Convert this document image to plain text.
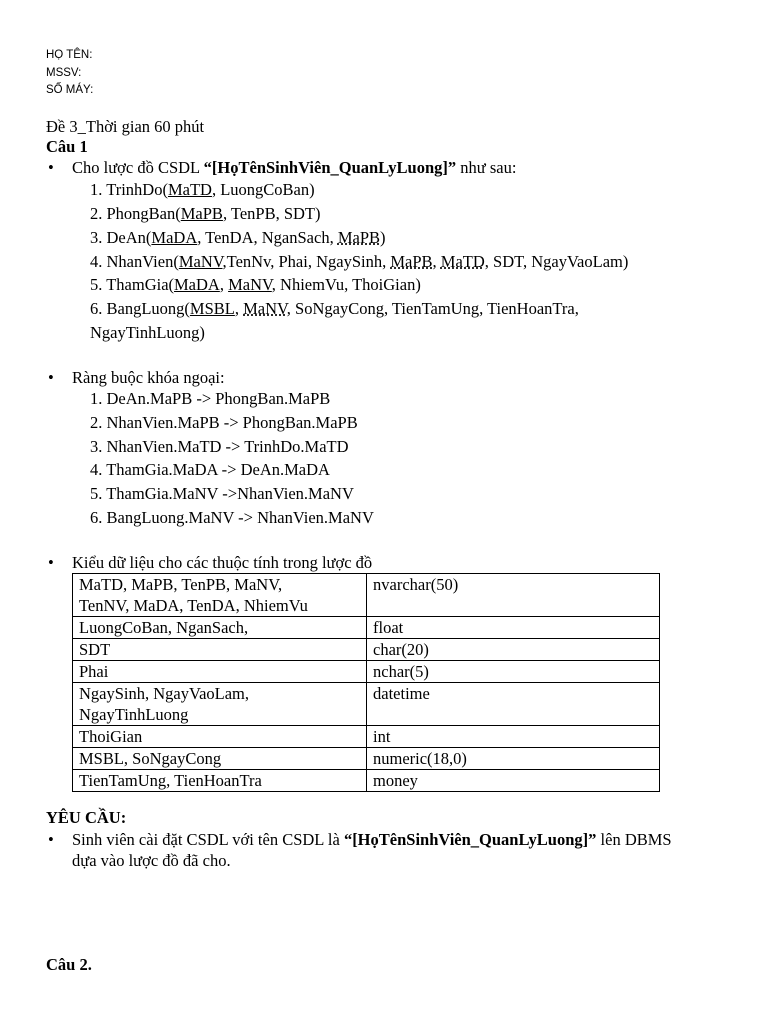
HỌ TÊN:
MSSV:
SỐ MÁY:
Đề 3_Thời gian 60 phút
Câu 1
•	Cho lược đồ CSDL “[HọTênSinhViên_QuanLyLuong]” như sau:
1. TrinhDo(MaTD, LuongCoBan)
2. PhongBan(MaPB, TenPB, SDT)
3. DeAn(MaDA, TenDA, NganSach, MaPB)
4. NhanVien(MaNV,TenNv, Phai, NgaySinh, MaPB, MaTD, SDT, NgayVaoLam)
5. ThamGia(MaDA, MaNV, NhiemVu, ThoiGian)
6. BangLuong(MSBL, MaNV, SoNgayCong, TienTamUng, TienHoanTra,
NgayTinhLuong)
•	Ràng buộc khóa ngoại:
1. DeAn.MaPB -> PhongBan.MaPB
2. NhanVien.MaPB -> PhongBan.MaPB
3. NhanVien.MaTD -> TrinhDo.MaTD
4. ThamGia.MaDA -> DeAn.MaDA
5. ThamGia.MaNV ->NhanVien.MaNV
6. BangLuong.MaNV -> NhanVien.MaNV
•	Kiểu dữ liệu cho các thuộc tính trong lược đồ
MaTD, MaPB, TenPB, MaNV,
TenNV, MaDA, TenDA, NhiemVu	nvarchar(50)
LuongCoBan, NganSach,	float
SDT	char(20)
Phai	nchar(5)

NgaySinh, NgayVaoLam,
NgayTinhLuong	datetime
ThoiGian	int
MSBL, SoNgayCong	numeric(18,0)
TienTamUng, TienHoanTra	money
YÊU CẦU:
•	Sinh viên cài đặt CSDL với tên CSDL là “[HọTênSinhViên_QuanLyLuong]” lên DBMS
dựa vào lược đồ đã cho.
Câu 2.
